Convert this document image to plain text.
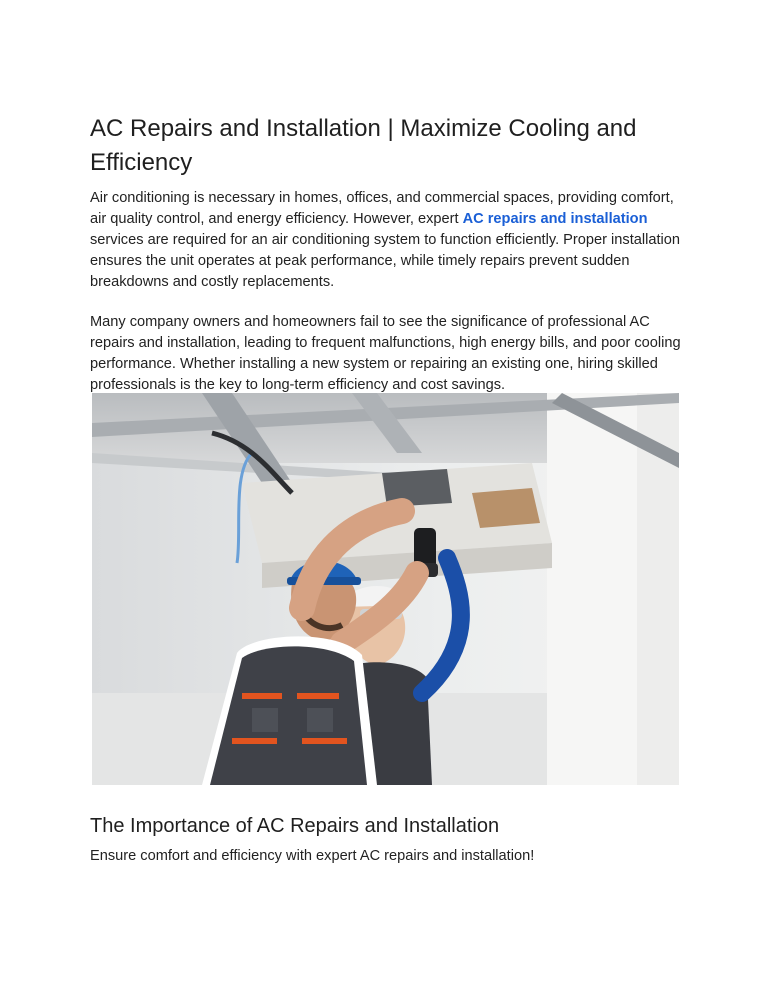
AC Repairs and Installation | Maximize Cooling and Efficiency

Air conditioning is necessary in homes, offices, and commercial spaces, providing comfort, air quality control, and energy efficiency. However, expert AC repairs and installation services are required for an air conditioning system to function efficiently. Proper installation ensures the unit operates at peak performance, while timely repairs prevent sudden breakdowns and costly replacements.

Many company owners and homeowners fail to see the significance of professional AC repairs and installation, leading to frequent malfunctions, high energy bills, and poor cooling performance. Whether installing a new system or repairing an existing one, hiring skilled professionals is the key to long-term efficiency and cost savings.

The Importance of AC Repairs and Installation

Ensure comfort and efficiency with expert AC repairs and installation!
